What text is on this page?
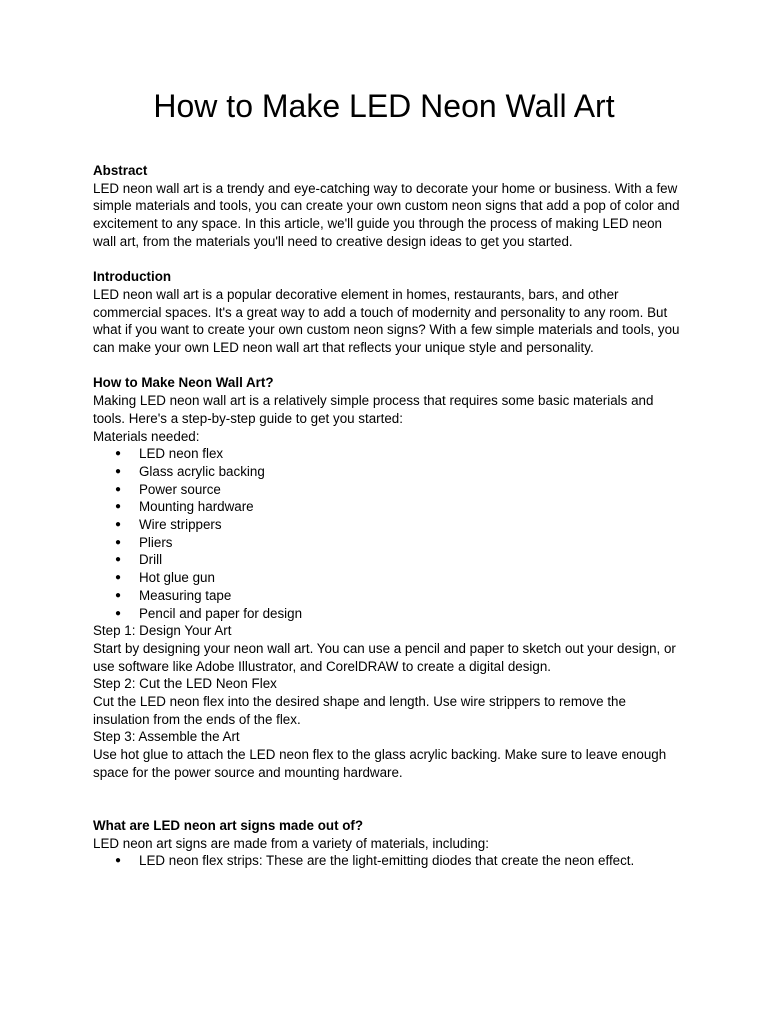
How to Make LED Neon Wall Art

Abstract

LED neon wall art is a trendy and eye-catching way to decorate your home or business. With a few simple materials and tools, you can create your own custom neon signs that add a pop of color and excitement to any space. In this article, we'll guide you through the process of making LED neon wall art, from the materials you'll need to creative design ideas to get you started.

Introduction

LED neon wall art is a popular decorative element in homes, restaurants, bars, and other commercial spaces. It's a great way to add a touch of modernity and personality to any room. But what if you want to create your own custom neon signs? With a few simple materials and tools, you can make your own LED neon wall art that reflects your unique style and personality.

How to Make Neon Wall Art?

Making LED neon wall art is a relatively simple process that requires some basic materials and tools. Here's a step-by-step guide to get you started:

Materials needed:

● LED neon flex
● Glass acrylic backing
● Power source
● Mounting hardware
● Wire strippers
● Pliers
● Drill
● Hot glue gun
● Measuring tape
● Pencil and paper for design

Step 1: Design Your Art

Start by designing your neon wall art. You can use a pencil and paper to sketch out your design, or use software like Adobe Illustrator, and CorelDRAW to create a digital design.

Step 2: Cut the LED Neon Flex

Cut the LED neon flex into the desired shape and length. Use wire strippers to remove the insulation from the ends of the flex.

Step 3: Assemble the Art

Use hot glue to attach the LED neon flex to the glass acrylic backing. Make sure to leave enough space for the power source and mounting hardware.

What are LED neon art signs made out of?

LED neon art signs are made from a variety of materials, including:

● LED neon flex strips: These are the light-emitting diodes that create the neon effect.
